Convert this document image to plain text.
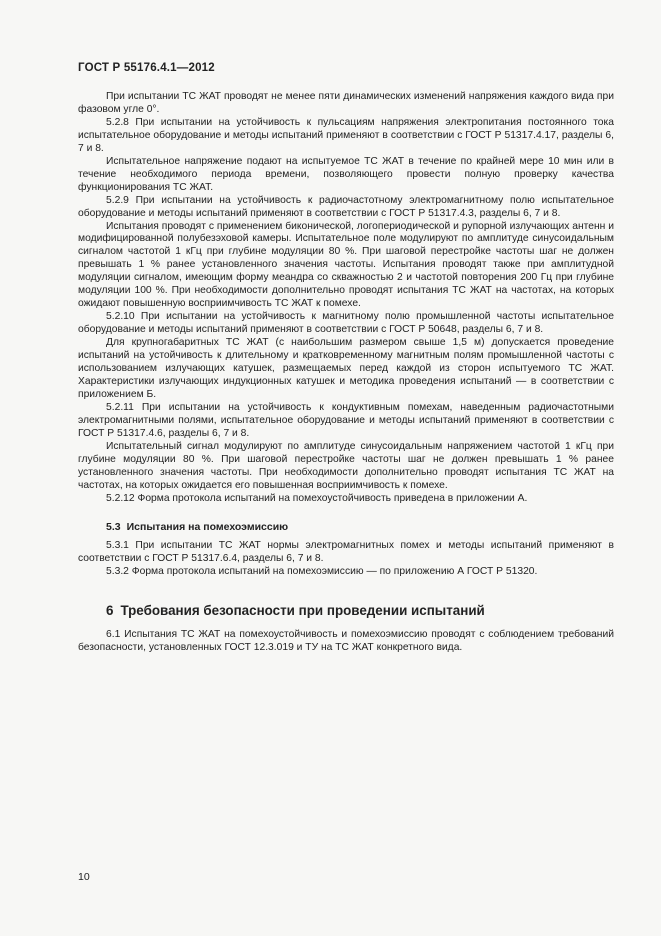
ГОСТ Р 55176.4.1—2012

При испытании ТС ЖАТ проводят не менее пяти динамических изменений напряжения каждого вида при фазовом угле 0°.

5.2.8 При испытании на устойчивость к пульсациям напряжения электропитания постоянного тока испытательное оборудование и методы испытаний применяют в соответствии с ГОСТ Р 51317.4.17, разделы 6, 7 и 8.

Испытательное напряжение подают на испытуемое ТС ЖАТ в течение по крайней мере 10 мин или в течение необходимого периода времени, позволяющего провести полную проверку качества функционирования ТС ЖАТ.

5.2.9 При испытании на устойчивость к радиочастотному электромагнитному полю испытательное оборудование и методы испытаний применяют в соответствии с ГОСТ Р 51317.4.3, разделы 6, 7 и 8.

Испытания проводят с применением биконической, логопериодической и рупорной излучающих антенн и модифицированной полубезэховой камеры. Испытательное поле модулируют по амплитуде синусоидальным сигналом частотой 1 кГц при глубине модуляции 80 %. При шаговой перестройке частоты шаг не должен превышать 1 % ранее установленного значения частоты. Испытания проводят также при амплитудной модуляции сигналом, имеющим форму меандра со скважностью 2 и частотой повторения 200 Гц при глубине модуляции 100 %. При необходимости дополнительно проводят испытания ТС ЖАТ на частотах, на которых ожидают повышенную восприимчивость ТС ЖАТ к помехе.

5.2.10 При испытании на устойчивость к магнитному полю промышленной частоты испытательное оборудование и методы испытаний применяют в соответствии с ГОСТ Р 50648, разделы 6, 7 и 8.

Для крупногабаритных ТС ЖАТ (с наибольшим размером свыше 1,5 м) допускается проведение испытаний на устойчивость к длительному и кратковременному магнитным полям промышленной частоты с использованием излучающих катушек, размещаемых перед каждой из сторон испытуемого ТС ЖАТ. Характеристики излучающих индукционных катушек и методика проведения испытаний — в соответствии с приложением Б.

5.2.11 При испытании на устойчивость к кондуктивным помехам, наведенным радиочастотными электромагнитными полями, испытательное оборудование и методы испытаний применяют в соответствии с ГОСТ Р 51317.4.6, разделы 6, 7 и 8.

Испытательный сигнал модулируют по амплитуде синусоидальным напряжением частотой 1 кГц при глубине модуляции 80 %. При шаговой перестройке частоты шаг не должен превышать 1 % ранее установленного значения частоты. При необходимости дополнительно проводят испытания ТС ЖАТ на частотах, на которых ожидается его повышенная восприимчивость к помехе.

5.2.12 Форма протокола испытаний на помехоустойчивость приведена в приложении А.

5.3 Испытания на помехоэмиссию

5.3.1 При испытании ТС ЖАТ нормы электромагнитных помех и методы испытаний применяют в соответствии с ГОСТ Р 51317.6.4, разделы 6, 7 и 8.

5.3.2 Форма протокола испытаний на помехоэмиссию — по приложению А ГОСТ Р 51320.

6 Требования безопасности при проведении испытаний

6.1 Испытания ТС ЖАТ на помехоустойчивость и помехоэмиссию проводят с соблюдением требований безопасности, установленных ГОСТ 12.3.019 и ТУ на ТС ЖАТ конкретного вида.

10
